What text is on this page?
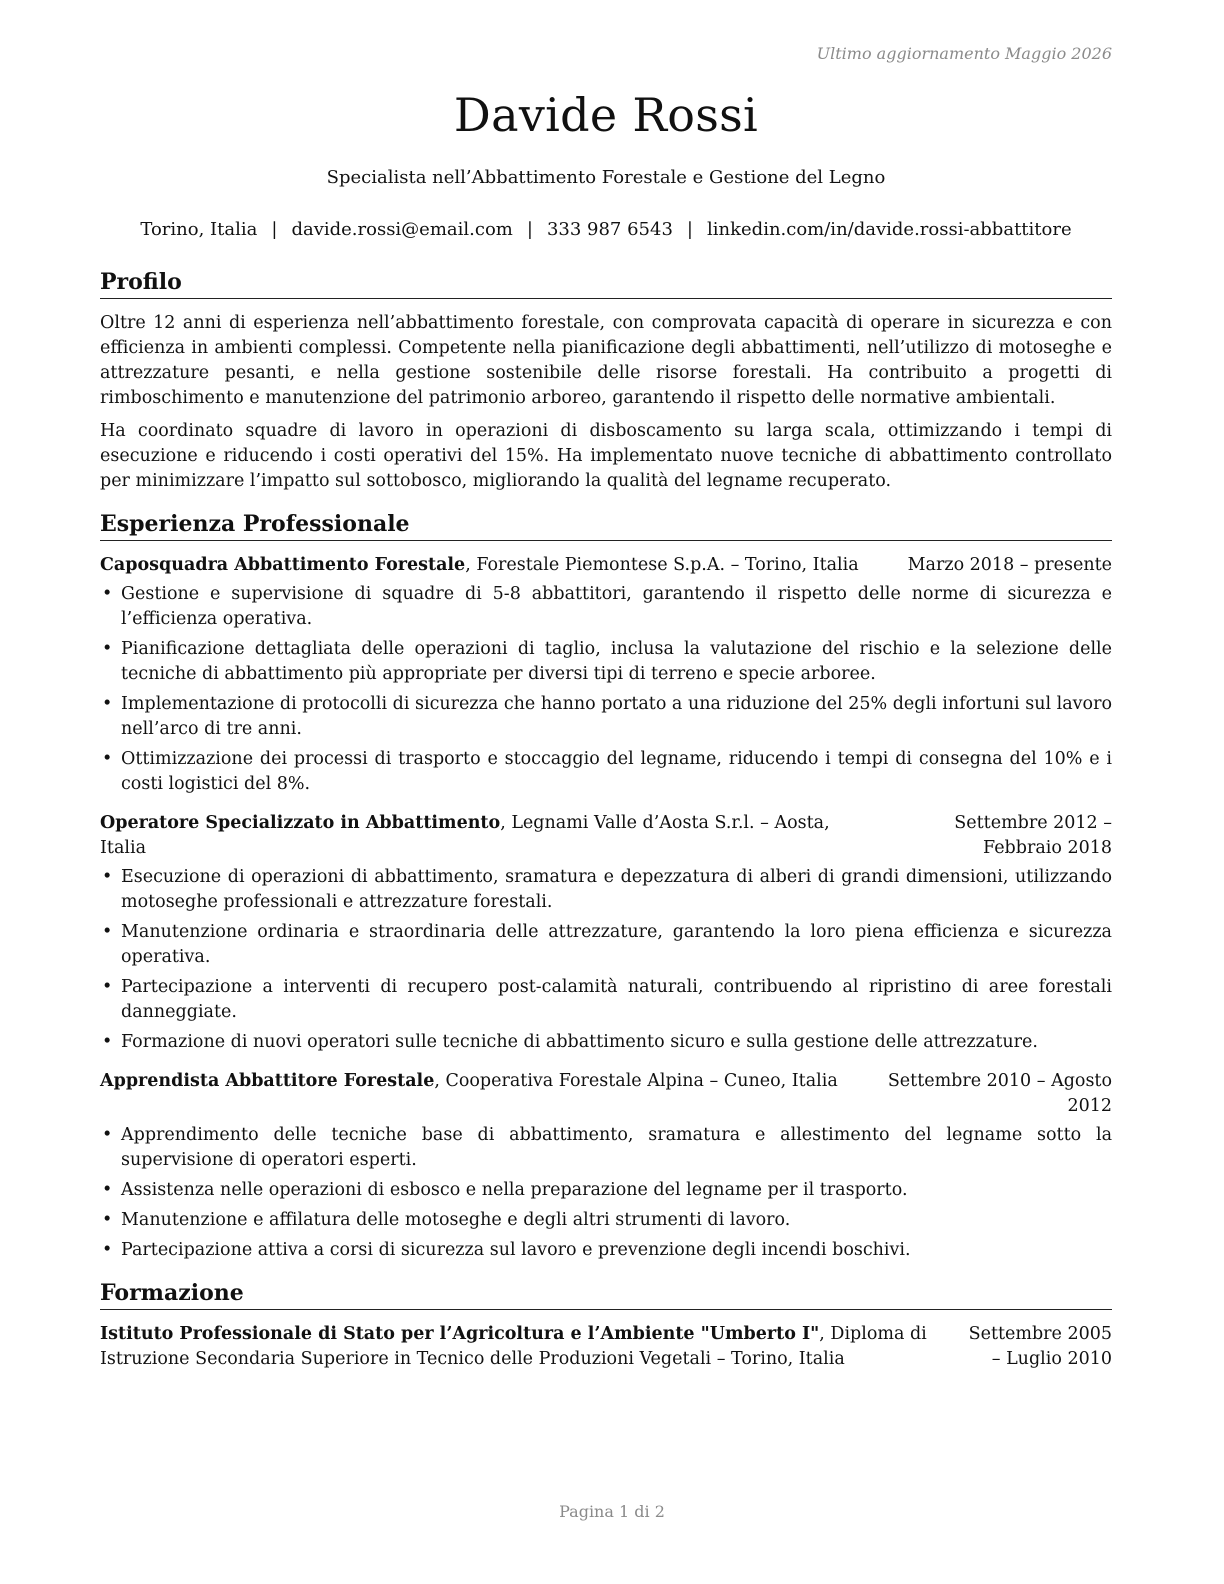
Ultimo aggiornamento Maggio 2026
Davide Rossi
Specialista nell’Abbattimento Forestale e Gestione del Legno
Torino, Italia | davide.rossi@email.com | 333 987 6543 | linkedin.com/in/davide.rossi-abbattitore
Profilo

Oltre 12 anni di esperienza nell’abbattimento forestale, con comprovata capacità di operare in sicurezza e con efficienza in ambienti complessi. Competente nella pianificazione degli abbattimenti, nell’utilizzo di motoseghe e attrezzature pesanti, e nella gestione sostenibile delle risorse forestali. Ha contribuito a progetti di rimboschimento e manutenzione del patrimonio arboreo, garantendo il rispetto delle normative ambientali.

Ha coordinato squadre di lavoro in operazioni di disboscamento su larga scala, ottimizzando i tempi di esecuzione e riducendo i costi operativi del 15%. Ha implementato nuove tecniche di abbattimento controllato per minimizzare l’impatto sul sottobosco, migliorando la qualità del legname recuperato.

Esperienza Professionale
Caposquadra Abbattimento Forestale, Forestale Piemontese S.p.A. – Torino, Italia	Marzo 2018 – presente
• Gestione e supervisione di squadre di 5-8 abbattitori, garantendo il rispetto delle norme di sicurezza e l’efficienza operativa.
• Pianificazione dettagliata delle operazioni di taglio, inclusa la valutazione del rischio e la selezione delle tecniche di abbattimento più appropriate per diversi tipi di terreno e specie arboree.
• Implementazione di protocolli di sicurezza che hanno portato a una riduzione del 25% degli infortuni sul lavoro nell’arco di tre anni.
• Ottimizzazione dei processi di trasporto e stoccaggio del legname, riducendo i tempi di consegna del 10% e i costi logistici del 8%.
Operatore Specializzato in Abbattimento, Legnami Valle d’Aosta S.r.l. – Aosta, Italia
Settembre 2012 – Febbraio 2018
• Esecuzione di operazioni di abbattimento, sramatura e depezzatura di alberi di grandi dimensioni, utilizzando motoseghe professionali e attrezzature forestali.
• Manutenzione ordinaria e straordinaria delle attrezzature, garantendo la loro piena efficienza e sicurezza operativa.
• Partecipazione a interventi di recupero post-calamità naturali, contribuendo al ripristino di aree forestali danneggiate.
• Formazione di nuovi operatori sulle tecniche di abbattimento sicuro e sulla gestione delle attrezzature.
Apprendista Abbattitore Forestale, Cooperativa Forestale Alpina – Cuneo, Italia	Settembre 2010 – Agosto 2012
• Apprendimento delle tecniche base di abbattimento, sramatura e allestimento del legname sotto la supervisione di operatori esperti.
• Assistenza nelle operazioni di esbosco e nella preparazione del legname per il trasporto.
• Manutenzione e affilatura delle motoseghe e degli altri strumenti di lavoro.
• Partecipazione attiva a corsi di sicurezza sul lavoro e prevenzione degli incendi boschivi.
Formazione
Istituto Professionale di Stato per l’Agricoltura e l’Ambiente "Umberto I", Diploma di Istruzione Secondaria Superiore in Tecnico delle Produzioni Vegetali – Torino, Italia
Settembre 2005 – Luglio 2010
Pagina 1 di 2
